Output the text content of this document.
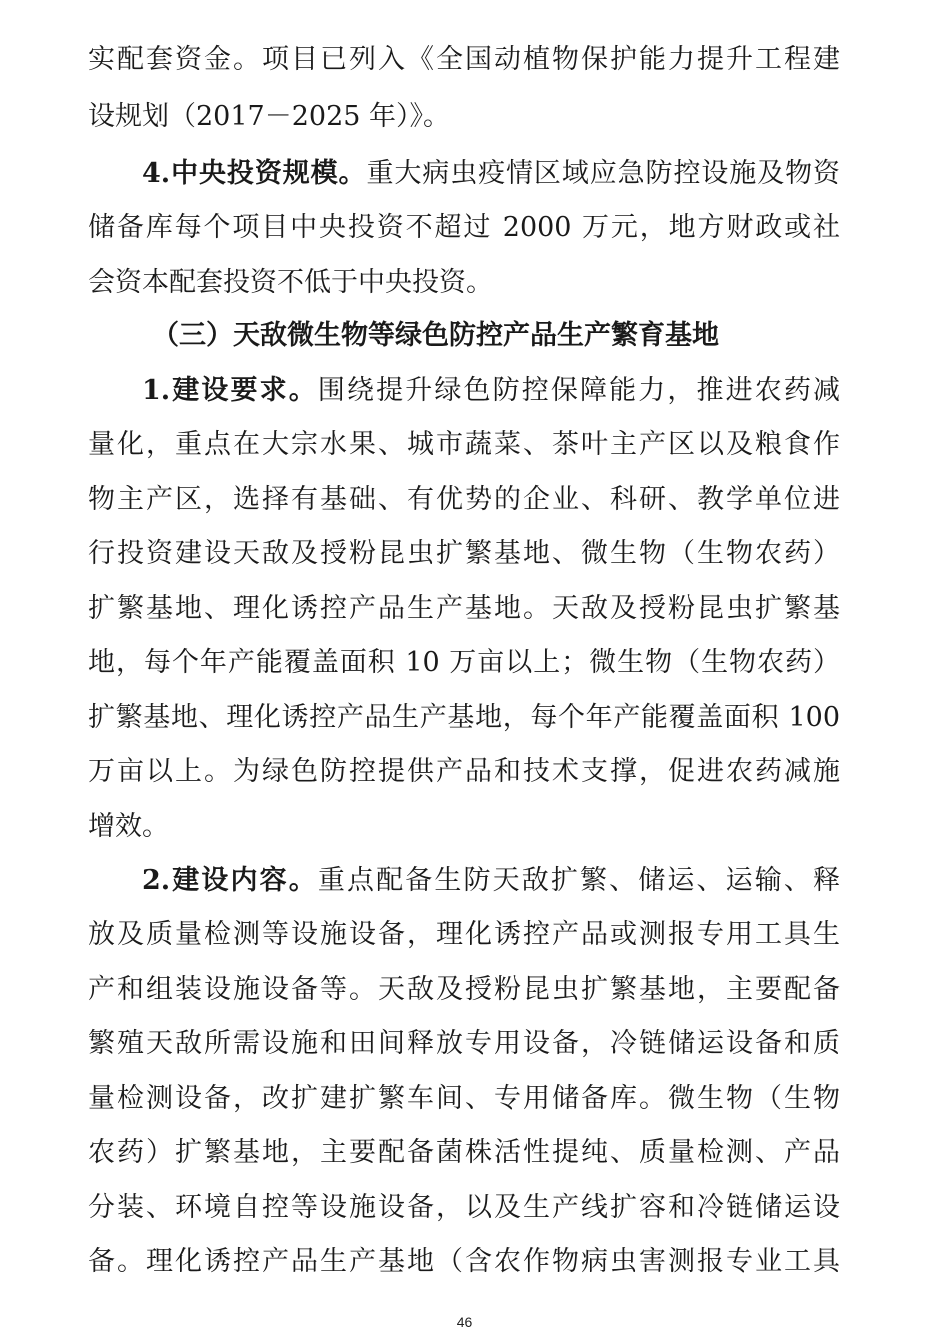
实配套资金。项目已列入《全国动植物保护能力提升工程建
设规划（2017－2025 年）》。
4.中央投资规模。重大病虫疫情区域应急防控设施及物资
储备库每个项目中央投资不超过 2000 万元，地方财政或社
会资本配套投资不低于中央投资。
（三）天敌微生物等绿色防控产品生产繁育基地
1.建设要求。围绕提升绿色防控保障能力，推进农药减
量化，重点在大宗水果、城市蔬菜、茶叶主产区以及粮食作
物主产区，选择有基础、有优势的企业、科研、教学单位进
行投资建设天敌及授粉昆虫扩繁基地、微生物（生物农药）
扩繁基地、理化诱控产品生产基地。天敌及授粉昆虫扩繁基
地，每个年产能覆盖面积 10 万亩以上；微生物（生物农药）
扩繁基地、理化诱控产品生产基地，每个年产能覆盖面积 100
万亩以上。为绿色防控提供产品和技术支撑，促进农药减施
增效。
2.建设内容。重点配备生防天敌扩繁、储运、运输、释
放及质量检测等设施设备，理化诱控产品或测报专用工具生
产和组装设施设备等。天敌及授粉昆虫扩繁基地，主要配备
繁殖天敌所需设施和田间释放专用设备，冷链储运设备和质
量检测设备，改扩建扩繁车间、专用储备库。微生物（生物
农药）扩繁基地，主要配备菌株活性提纯、质量检测、产品
分装、环境自控等设施设备，以及生产线扩容和冷链储运设
备。理化诱控产品生产基地（含农作物病虫害测报专业工具
46
